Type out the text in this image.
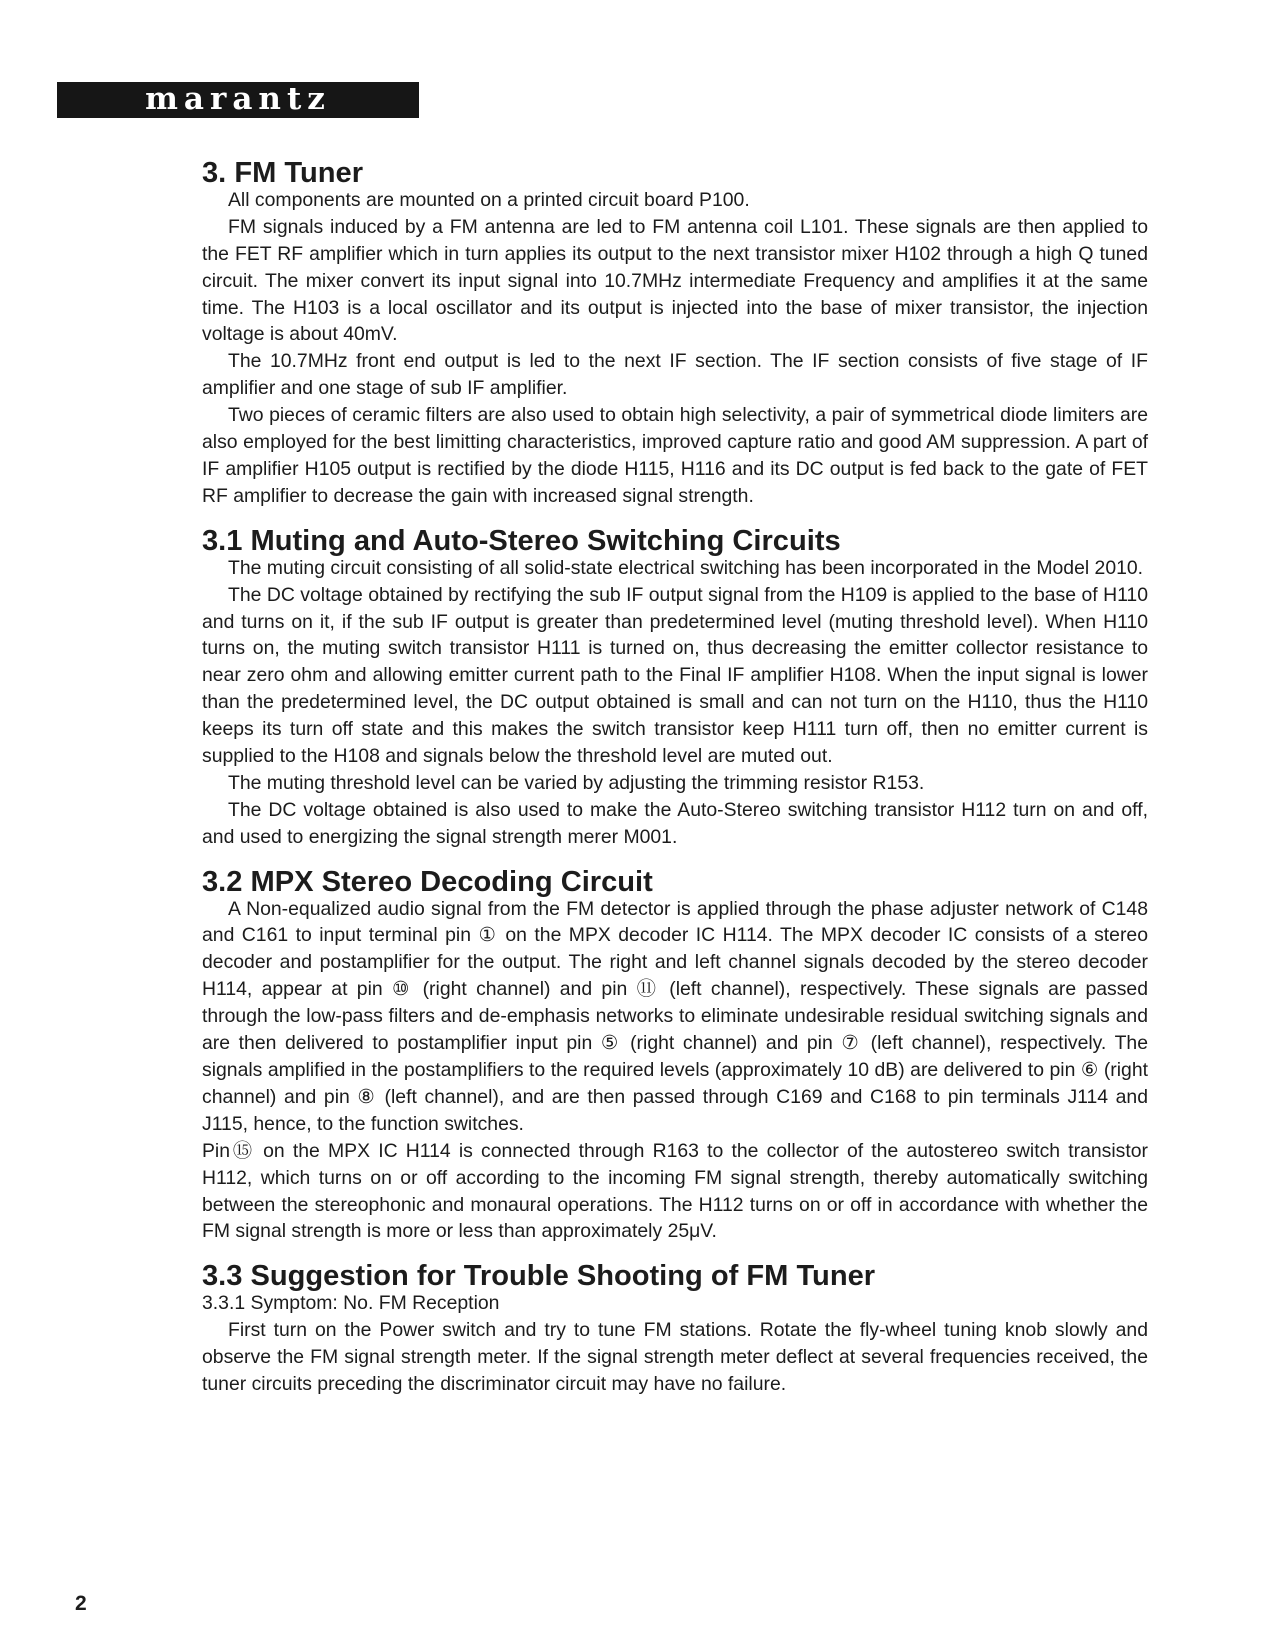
marantz
3. FM Tuner

All components are mounted on a printed circuit board P100.

FM signals induced by a FM antenna are led to FM antenna coil L101. These signals are then applied to the FET RF amplifier which in turn applies its output to the next transistor mixer H102 through a high Q tuned circuit. The mixer convert its input signal into 10.7MHz intermediate Frequency and amplifies it at the same time. The H103 is a local oscillator and its output is injected into the base of mixer transistor, the injection voltage is about 40mV.

The 10.7MHz front end output is led to the next IF section. The IF section consists of five stage of IF amplifier and one stage of sub IF amplifier.

Two pieces of ceramic filters are also used to obtain high selectivity, a pair of symmetrical diode limiters are also employed for the best limitting characteristics, improved capture ratio and good AM suppression. A part of IF amplifier H105 output is rectified by the diode H115, H116 and its DC output is fed back to the gate of FET RF amplifier to decrease the gain with increased signal strength.

3.1 Muting and Auto-Stereo Switching Circuits

The muting circuit consisting of all solid-state electrical switching has been incorporated in the Model 2010.

The DC voltage obtained by rectifying the sub IF output signal from the H109 is applied to the base of H110 and turns on it, if the sub IF output is greater than predetermined level (muting threshold level). When H110 turns on, the muting switch transistor H111 is turned on, thus decreasing the emitter collector resistance to near zero ohm and allowing emitter current path to the Final IF amplifier H108. When the input signal is lower than the predetermined level, the DC output obtained is small and can not turn on the H110, thus the H110 keeps its turn off state and this makes the switch transistor keep H111 turn off, then no emitter current is supplied to the H108 and signals below the threshold level are muted out.

The muting threshold level can be varied by adjusting the trimming resistor R153.

The DC voltage obtained is also used to make the Auto-Stereo switching transistor H112 turn on and off, and used to energizing the signal strength merer M001.

3.2 MPX Stereo Decoding Circuit

A Non-equalized audio signal from the FM detector is applied through the phase adjuster network of C148 and C161 to input terminal pin ① on the MPX decoder IC H114. The MPX decoder IC consists of a stereo decoder and postamplifier for the output. The right and left channel signals decoded by the stereo decoder H114, appear at pin ⑩ (right channel) and pin ⑪ (left channel), respectively. These signals are passed through the low-pass filters and de-emphasis networks to eliminate undesirable residual switching signals and are then delivered to postamplifier input pin ⑤ (right channel) and pin ⑦ (left channel), respectively. The signals amplified in the postamplifiers to the required levels (approximately 10 dB) are delivered to pin ⑥ (right channel) and pin ⑧ (left channel), and are then passed through C169 and C168 to pin terminals J114 and J115, hence, to the function switches.

Pin⑮ on the MPX IC H114 is connected through R163 to the collector of the autostereo switch transistor H112, which turns on or off according to the incoming FM signal strength, thereby automatically switching between the stereophonic and monaural operations. The H112 turns on or off in accordance with whether the FM signal strength is more or less than approximately 25μV.

3.3 Suggestion for Trouble Shooting of FM Tuner
3.3.1 Symptom: No. FM Reception

First turn on the Power switch and try to tune FM stations. Rotate the fly-wheel tuning knob slowly and observe the FM signal strength meter. If the signal strength meter deflect at several frequencies received, the tuner circuits preceding the discriminator circuit may have no failure.

2
